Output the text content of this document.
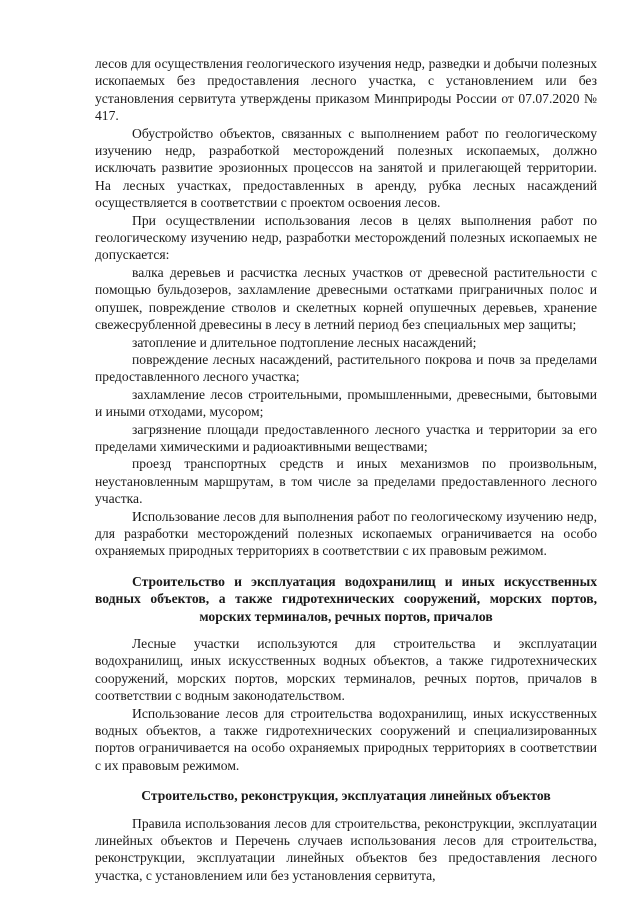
лесов для осуществления геологического изучения недр, разведки и добычи полезных ископаемых без предоставления лесного участка, с установлением или без установления сервитута утверждены приказом Минприроды России от 07.07.2020 № 417.

Обустройство объектов, связанных с выполнением работ по геологическому изучению недр, разработкой месторождений полезных ископаемых, должно исключать развитие эрозионных процессов на занятой и прилегающей территории. На лесных участках, предоставленных в аренду, рубка лесных насаждений осуществляется в соответствии с проектом освоения лесов.

При осуществлении использования лесов в целях выполнения работ по геологическому изучению недр, разработки месторождений полезных ископаемых не допускается:

валка деревьев и расчистка лесных участков от древесной растительности с помощью бульдозеров, захламление древесными остатками приграничных полос и опушек, повреждение стволов и скелетных корней опушечных деревьев, хранение свежесрубленной древесины в лесу в летний период без специальных мер защиты;

затопление и длительное подтопление лесных насаждений;

повреждение лесных насаждений, растительного покрова и почв за пределами предоставленного лесного участка;

захламление лесов строительными, промышленными, древесными, бытовыми и иными отходами, мусором;

загрязнение площади предоставленного лесного участка и территории за его пределами химическими и радиоактивными веществами;

проезд транспортных средств и иных механизмов по произвольным, неустановленным маршрутам, в том числе за пределами предоставленного лесного участка.

Использование лесов для выполнения работ по геологическому изучению недр, для разработки месторождений полезных ископаемых ограничивается на особо охраняемых природных территориях в соответствии с их правовым режимом.

Строительство и эксплуатация водохранилищ и иных искусственных водных объектов, а также гидротехнических сооружений, морских портов, морских терминалов, речных портов, причалов

Лесные участки используются для строительства и эксплуатации водохранилищ, иных искусственных водных объектов, а также гидротехнических сооружений, морских портов, морских терминалов, речных портов, причалов в соответствии с водным законодательством.

Использование лесов для строительства водохранилищ, иных искусственных водных объектов, а также гидротехнических сооружений и специализированных портов ограничивается на особо охраняемых природных территориях в соответствии с их правовым режимом.

Строительство, реконструкция, эксплуатация линейных объектов

Правила использования лесов для строительства, реконструкции, эксплуатации линейных объектов и Перечень случаев использования лесов для строительства, реконструкции, эксплуатации линейных объектов без предоставления лесного участка, с установлением или без установления сервитута,
